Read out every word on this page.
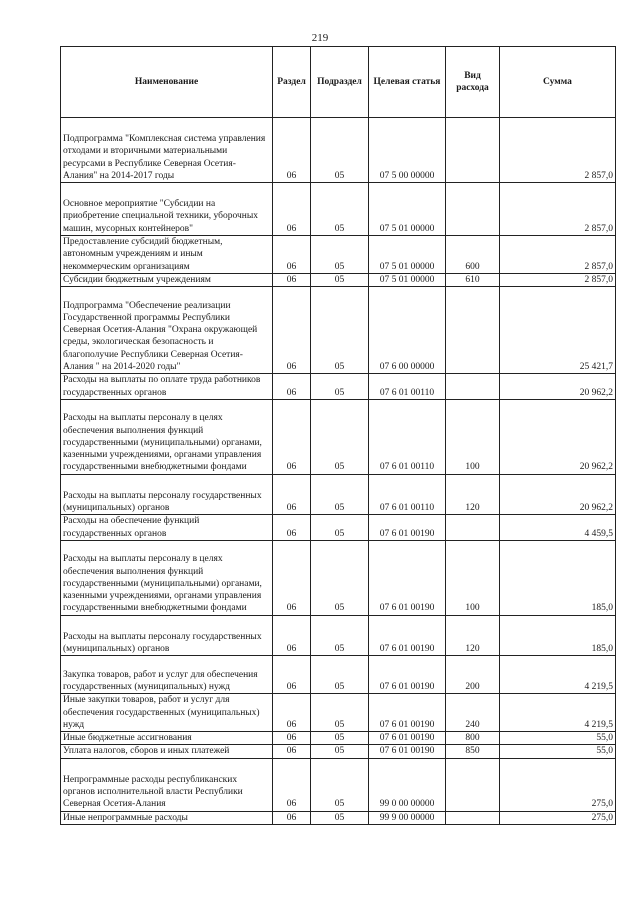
219
Наименование	Раздел	Подраздел	Целевая статья	Вид расхода	Сумма
Подпрограмма "Комплексная система управления отходами и вторичными материальными ресурсами в Республике Северная Осетия-Алания" на 2014-2017 годы	06	05	07 5 00 00000		2 857,0
Основное мероприятие "Субсидии на приобретение специальной техники, уборочных машин, мусорных контейнеров"	06	05	07 5 01 00000		2 857,0
Предоставление субсидий бюджетным, автономным учреждениям и иным некоммерческим организациям	06	05	07 5 01 00000	600	2 857,0
Субсидии бюджетным учреждениям	06	05	07 5 01 00000	610	2 857,0
Подпрограмма "Обеспечение реализации Государственной программы Республики Северная Осетия-Алания "Охрана окружающей среды, экологическая безопасность и благополучие Республики Северная Осетия-Алания " на 2014-2020 годы"	06	05	07 6 00 00000		25 421,7
Расходы на выплаты по оплате труда работников государственных органов	06	05	07 6 01 00110		20 962,2
Расходы на выплаты персоналу в целях обеспечения выполнения функций государственными (муниципальными) органами, казенными учреждениями, органами управления государственными внебюджетными фондами	06	05	07 6 01 00110	100	20 962,2
Расходы на выплаты персоналу государственных (муниципальных) органов	06	05	07 6 01 00110	120	20 962,2
Расходы на обеспечение функций государственных органов	06	05	07 6 01 00190		4 459,5
Расходы на выплаты персоналу в целях обеспечения выполнения функций государственными (муниципальными) органами, казенными учреждениями, органами управления государственными внебюджетными фондами	06	05	07 6 01 00190	100	185,0
Расходы на выплаты персоналу государственных (муниципальных) органов	06	05	07 6 01 00190	120	185,0
Закупка товаров, работ и услуг для обеспечения государственных (муниципальных) нужд	06	05	07 6 01 00190	200	4 219,5
Иные закупки товаров, работ и услуг для обеспечения государственных (муниципальных) нужд	06	05	07 6 01 00190	240	4 219,5
Иные бюджетные ассигнования	06	05	07 6 01 00190	800	55,0
Уплата налогов, сборов и иных платежей	06	05	07 6 01 00190	850	55,0
Непрограммные расходы республиканских органов исполнительной власти Республики Северная Осетия-Алания	06	05	99 0 00 00000		275,0
Иные непрограммные расходы	06	05	99 9 00 00000		275,0
